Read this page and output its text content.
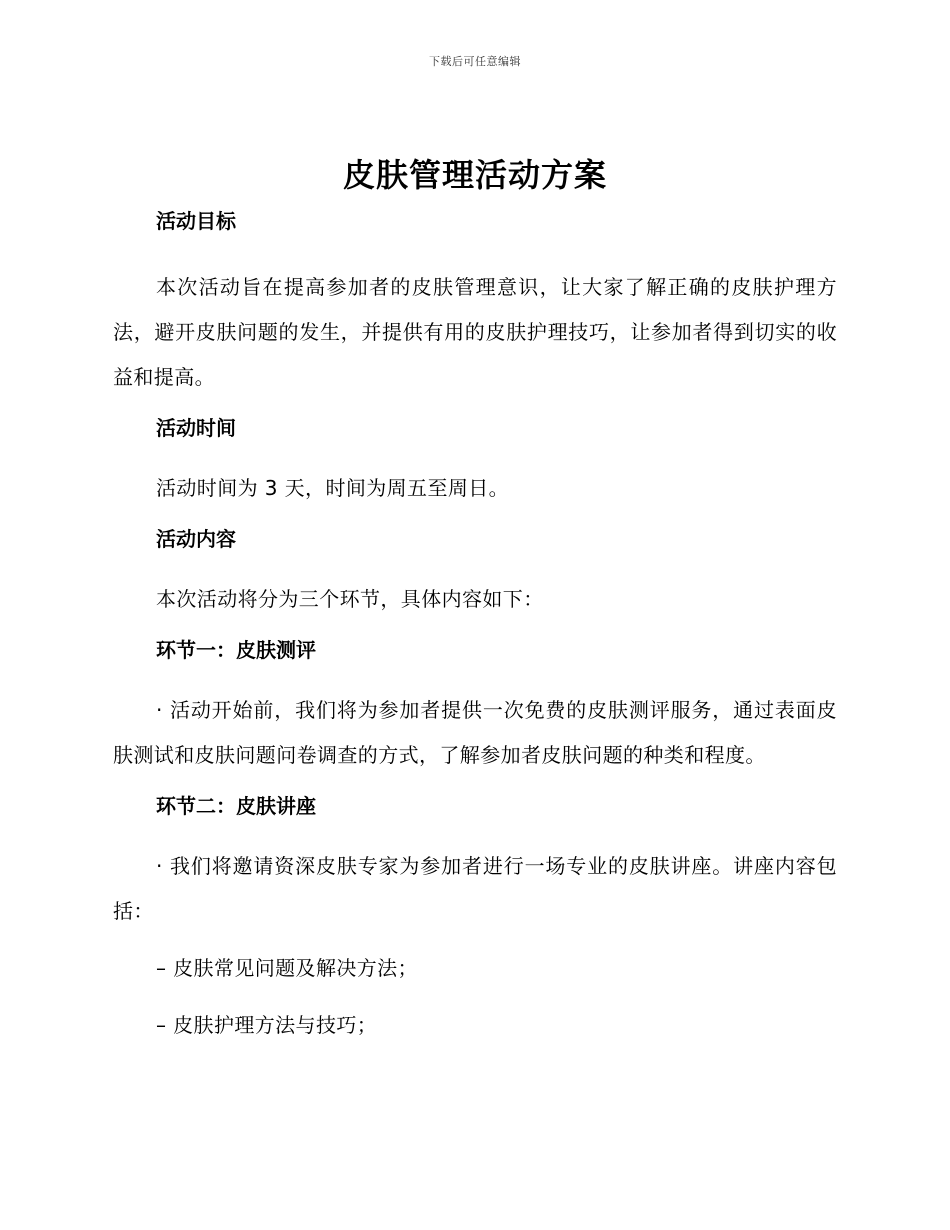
下载后可任意编辑
皮肤管理活动方案

活动目标

本次活动旨在提高参加者的皮肤管理意识，让大家了解正确的皮肤护理方法，避开皮肤问题的发生，并提供有用的皮肤护理技巧，让参加者得到切实的收益和提高。

活动时间

活动时间为 3 天，时间为周五至周日。

活动内容

本次活动将分为三个环节，具体内容如下：

环节一：皮肤测评

· 活动开始前，我们将为参加者提供一次免费的皮肤测评服务，通过表面皮肤测试和皮肤问题问卷调查的方式，了解参加者皮肤问题的种类和程度。

环节二：皮肤讲座

· 我们将邀请资深皮肤专家为参加者进行一场专业的皮肤讲座。讲座内容包括：

– 皮肤常见问题及解决方法；

– 皮肤护理方法与技巧；
